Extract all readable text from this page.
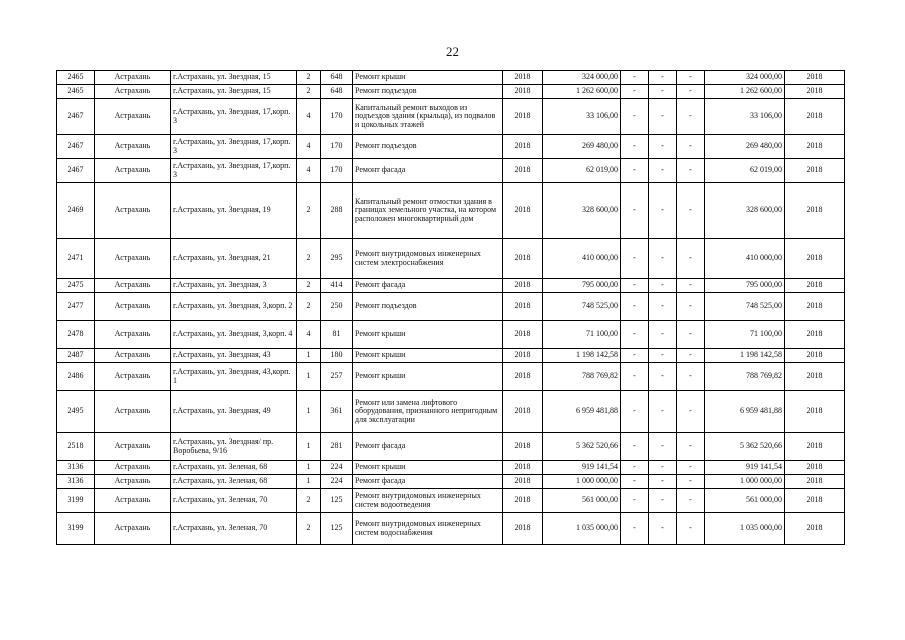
22
2465	Астрахань	г.Астрахань, ул. Звездная, 15	2	648	Ремонт крыши	2018	324 000,00	-	-	-	324 000,00	2018
2465	Астрахань	г.Астрахань, ул. Звездная, 15	2	648	Ремонт подъездов	2018	1 262 600,00	-	-	-	1 262 600,00	2018
2467	Астрахань	г.Астрахань, ул. Звездная, 17,корп. 3	4	170	Капитальный ремонт выходов из подъездов здания (крыльца), из подвалов и цокольных этажей	2018	33 106,00	-	-	-	33 106,00	2018
2467	Астрахань	г.Астрахань, ул. Звездная, 17,корп. 3	4	170	Ремонт подъездов	2018	269 480,00	-	-	-	269 480,00	2018
2467	Астрахань	г.Астрахань, ул. Звездная, 17,корп. 3	4	170	Ремонт фасада	2018	62 019,00	-	-	-	62 019,00	2018
2469	Астрахань	г.Астрахань, ул. Звездная, 19	2	288	Капитальный ремонт отмостки здания в границах земельного участка, на котором расположен многоквартирный дом	2018	328 600,00	-	-	-	328 600,00	2018
2471	Астрахань	г.Астрахань, ул. Звездная, 21	2	295	Ремонт внутридомовых инженерных систем электроснабжения	2018	410 000,00	-	-	-	410 000,00	2018
2475	Астрахань	г.Астрахань, ул. Звездная, 3	2	414	Ремонт фасада	2018	795 000,00	-	-	-	795 000,00	2018
2477	Астрахань	г.Астрахань, ул. Звездная, 3,корп. 2	2	250	Ремонт подъездов	2018	748 525,00	-	-	-	748 525,00	2018
2478	Астрахань	г.Астрахань, ул. Звездная, 3,корп. 4	4	81	Ремонт крыши	2018	71 100,00	-	-	-	71 100,00	2018
2487	Астрахань	г.Астрахань, ул. Звездная, 43	1	180	Ремонт крыши	2018	1 198 142,58	-	-	-	1 198 142,58	2018
2486	Астрахань	г.Астрахань, ул. Звездная, 43,корп. 1	1	257	Ремонт крыши	2018	788 769,82	-	-	-	788 769,82	2018
2495	Астрахань	г.Астрахань, ул. Звездная, 49	1	361	Ремонт или замена лифтового оборудования, признанного непригодным для эксплуатации	2018	6 959 481,88	-	-	-	6 959 481,88	2018
2518	Астрахань	г.Астрахань, ул. Звездная/ пр. Воробьева, 9/16	1	281	Ремонт фасада	2018	5 362 520,66	-	-	-	5 362 520,66	2018
3136	Астрахань	г.Астрахань, ул. Зеленая, 68	1	224	Ремонт крыши	2018	919 141,54	-	-	-	919 141,54	2018
3136	Астрахань	г.Астрахань, ул. Зеленая, 68	1	224	Ремонт фасада	2018	1 000 000,00	-	-	-	1 000 000,00	2018
3199	Астрахань	г.Астрахань, ул. Зеленая, 70	2	125	Ремонт внутридомовых инженерных систем водоотведения	2018	561 000,00	-	-	-	561 000,00	2018
3199	Астрахань	г.Астрахань, ул. Зеленая, 70	2	125	Ремонт внутридомовых инженерных систем водоснабжения	2018	1 035 000,00	-	-	-	1 035 000,00	2018
